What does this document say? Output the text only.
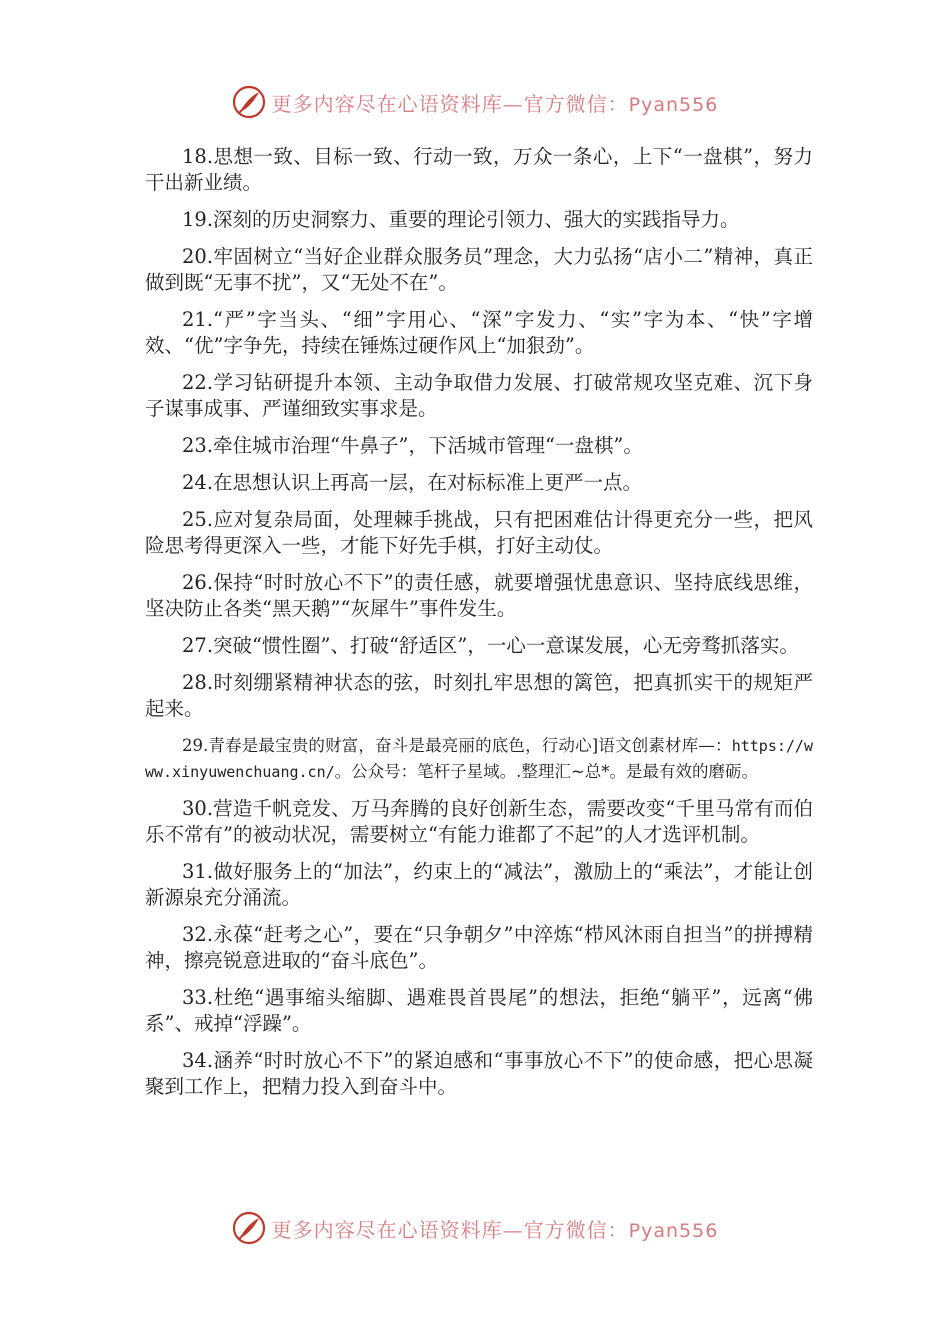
更多内容尽在心语资料库—官方微信：Pyan556

18.思想一致、目标一致、行动一致，万众一条心，上下“一盘棋”，努力干出新业绩。

19.深刻的历史洞察力、重要的理论引领力、强大的实践指导力。

20.牢固树立“当好企业群众服务员”理念，大力弘扬“店小二”精神，真正做到既“无事不扰”，又“无处不在”。

21.“严”字当头、“细”字用心、“深”字发力、“实”字为本、“快”字增效、“优”字争先，持续在锤炼过硬作风上“加狠劲”。

22.学习钻研提升本领、主动争取借力发展、打破常规攻坚克难、沉下身子谋事成事、严谨细致实事求是。

23.牵住城市治理“牛鼻子”，下活城市管理“一盘棋”。

24.在思想认识上再高一层，在对标标准上更严一点。

25.应对复杂局面，处理棘手挑战，只有把困难估计得更充分一些，把风险思考得更深入一些，才能下好先手棋，打好主动仗。

26.保持“时时放心不下”的责任感，就要增强忧患意识、坚持底线思维，坚决防止各类“黑天鹅”“灰犀牛”事件发生。

27.突破“惯性圈”、打破“舒适区”，一心一意谋发展，心无旁骛抓落实。

28.时刻绷紧精神状态的弦，时刻扎牢思想的篱笆，把真抓实干的规矩严起来。

29.青春是最宝贵的财富，奋斗是最亮丽的底色，行动心]语文创素材库—：https://www.xinyuwenchuang.cn/。公众号：笔杆子星域。.整理汇~总*。是最有效的磨砺。

30.营造千帆竞发、万马奔腾的良好创新生态，需要改变“千里马常有而伯乐不常有”的被动状况，需要树立“有能力谁都了不起”的人才选评机制。

31.做好服务上的“加法”，约束上的“减法”，激励上的“乘法”，才能让创新源泉充分涌流。

32.永葆“赶考之心”，要在“只争朝夕”中淬炼“栉风沐雨自担当”的拼搏精神，擦亮锐意进取的“奋斗底色”。

33.杜绝“遇事缩头缩脚、遇难畏首畏尾”的想法，拒绝“躺平”，远离“佛系”、戒掉“浮躁”。

34.涵养“时时放心不下”的紧迫感和“事事放心不下”的使命感，把心思凝聚到工作上，把精力投入到奋斗中。

更多内容尽在心语资料库—官方微信：Pyan556
